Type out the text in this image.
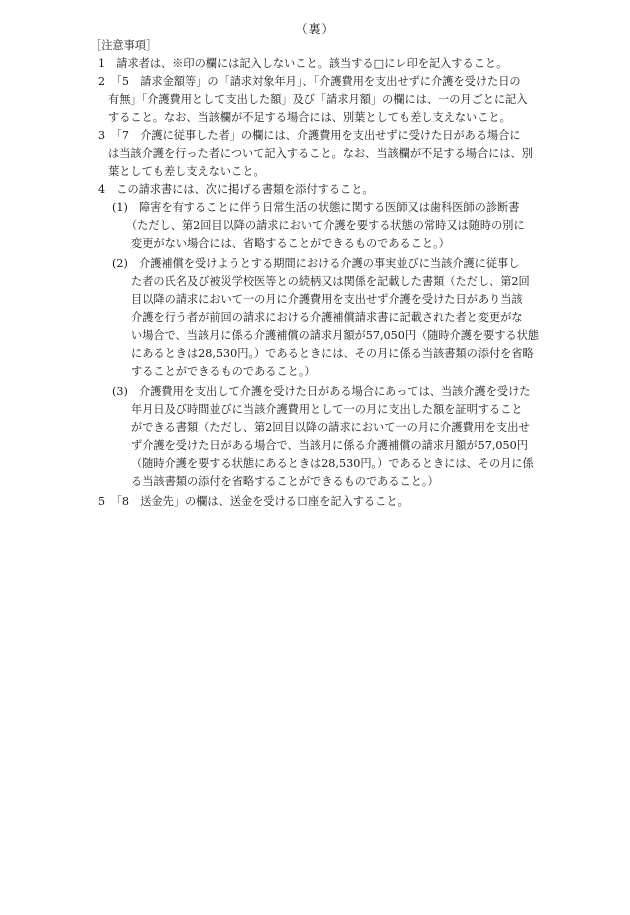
（裏）
［注意事項］
1　請求者は、※印の欄には記入しないこと。該当する□にレ印を記入すること。
2　「5　請求金額等」の「請求対象年月」、「介護費用を支出せずに介護を受けた日の
有無」「介護費用として支出した額」及び「請求月額」の欄には、一の月ごとに記入
すること。なお、当該欄が不足する場合には、別葉としても差し支えないこと。
3　「7　介護に従事した者」の欄には、介護費用を支出せずに受けた日がある場合に
は当該介護を行った者について記入すること。なお、当該欄が不足する場合には、別
葉としても差し支えないこと。
4　この請求書には、次に掲げる書類を添付すること。
(1)　障害を有することに伴う日常生活の状態に関する医師又は歯科医師の診断書
（ただし、第2回目以降の請求において介護を要する状態の常時又は随時の別に
変更がない場合には、省略することができるものであること。）
(2)　介護補償を受けようとする期間における介護の事実並びに当該介護に従事し
た者の氏名及び被災学校医等との続柄又は関係を記載した書類（ただし、第2回
目以降の請求において一の月に介護費用を支出せず介護を受けた日があり当該
介護を行う者が前回の請求における介護補償請求書に記載された者と変更がな
い場合で、当該月に係る介護補償の請求月額が57,050円（随時介護を要する状態
にあるときは28,530円。）であるときには、その月に係る当該書類の添付を省略
することができるものであること。）
(3)　介護費用を支出して介護を受けた日がある場合にあっては、当該介護を受けた
年月日及び時間並びに当該介護費用として一の月に支出した額を証明すること
ができる書類（ただし、第2回目以降の請求において一の月に介護費用を支出せ
ず介護を受けた日がある場合で、当該月に係る介護補償の請求月額が57,050円
（随時介護を要する状態にあるときは28,530円。）であるときには、その月に係
る当該書類の添付を省略することができるものであること。）
5　「8　送金先」の欄は、送金を受ける口座を記入すること。
